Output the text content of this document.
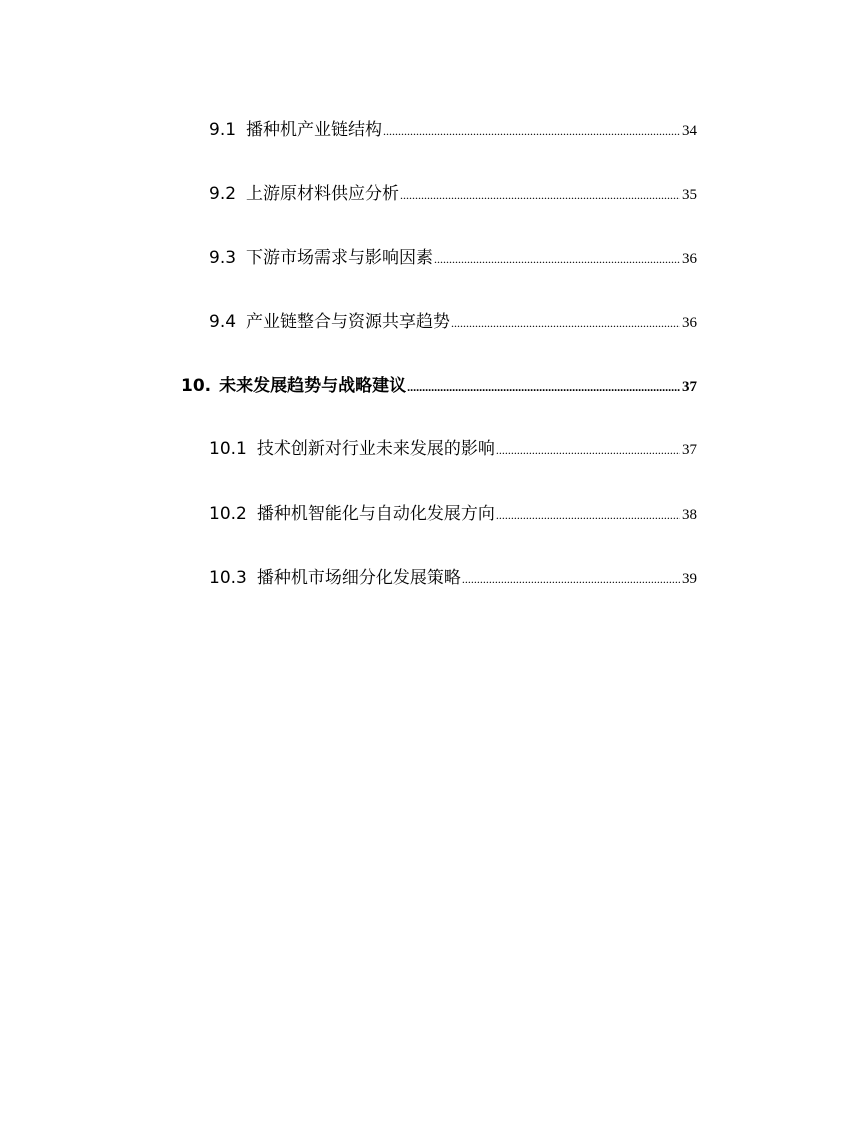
9.1 播种机产业链结构 .....	34
9.2 上游原材料供应分析 .....	35
9.3 下游市场需求与影响因素 .....	36
9.4 产业链整合与资源共享趋势 .....	36
10. 未来发展趋势与战略建议 .....	37
10.1 技术创新对行业未来发展的影响 .....	37
10.2 播种机智能化与自动化发展方向 .....	38
10.3 播种机市场细分化发展策略 .....	39
